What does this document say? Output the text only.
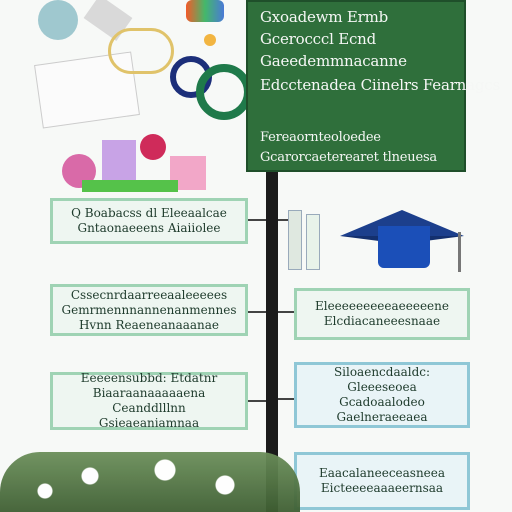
Gxoadewm Ermb
Gcerocccl Ecnd
Gaeedemmnacanne
Edcctenadea Ciinelrs Fearnagcs
Fereaornteoloedee
Gcarorcaeterearet tlneuesa
Q Boabacss dl Eleeaalcae Gntaonaeeens Aiaiiolee
Cssecnrdaarreeaaleeeees Gemrmennnannenanmennes Hvnn Reaeneanaaanae
Eeeeensubbd: Etdatnr Biaaraanaaaaaena Ceanddlllnn Gsieaeaniamnaa
Eleeeeeeeeeaeeeeene Elcdiacaneeesnaae
Siloaencdaaldc: Gleeeseoea Gcadoaalodeo Gaelneraeeaea
Eaacalaneeceasneea Eicteeeeaaaeernsaa
